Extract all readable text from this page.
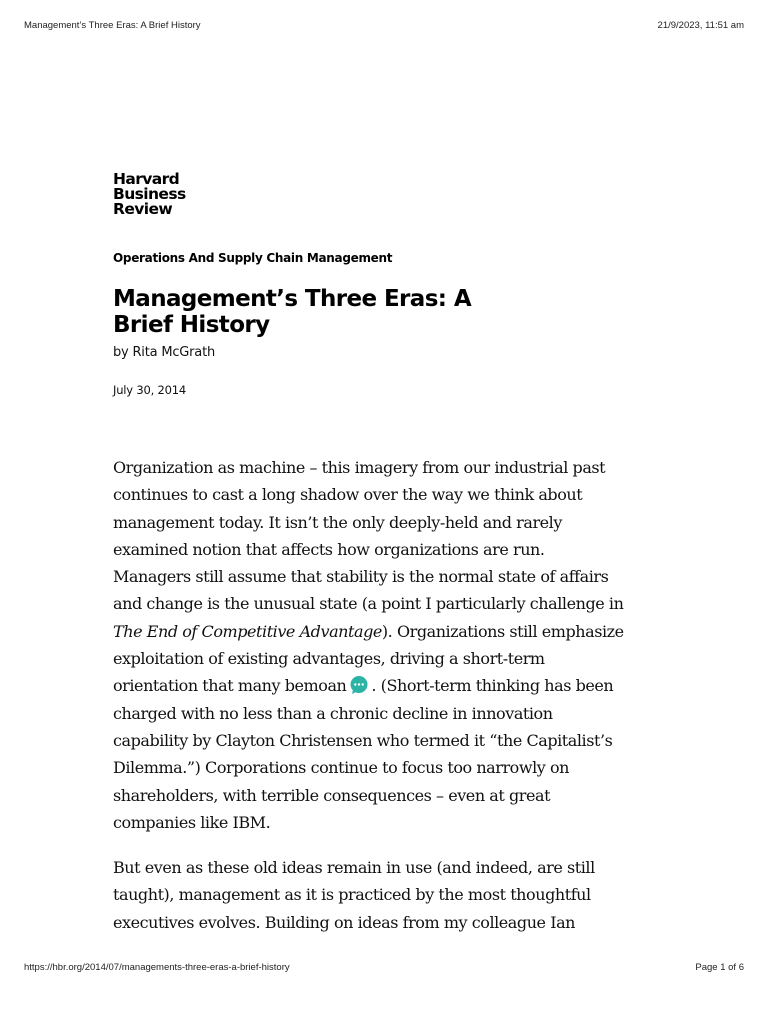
Management’s Three Eras: A Brief History	21/9/2023, 11:51 am
Harvard
Business
Review
Operations And Supply Chain Management
Management’s Three Eras: A Brief History
by Rita McGrath
July 30, 2014

Organization as machine – this imagery from our industrial past
continues to cast a long shadow over the way we think about
management today. It isn’t the only deeply-held and rarely
examined notion that affects how organizations are run.
Managers still assume that stability is the normal state of affairs
and change is the unusual state (a point I particularly challenge in
The End of Competitive Advantage). Organizations still emphasize
exploitation of existing advantages, driving a short-term
orientation that many bemoan . (Short-term thinking has been
charged with no less than a chronic decline in innovation
capability by Clayton Christensen who termed it “the Capitalist’s
Dilemma.”) Corporations continue to focus too narrowly on
shareholders, with terrible consequences – even at great
companies like IBM.

But even as these old ideas remain in use (and indeed, are still
taught), management as it is practiced by the most thoughtful
executives evolves. Building on ideas from my colleague Ian

https://hbr.org/2014/07/managements-three-eras-a-brief-history	Page 1 of 6
